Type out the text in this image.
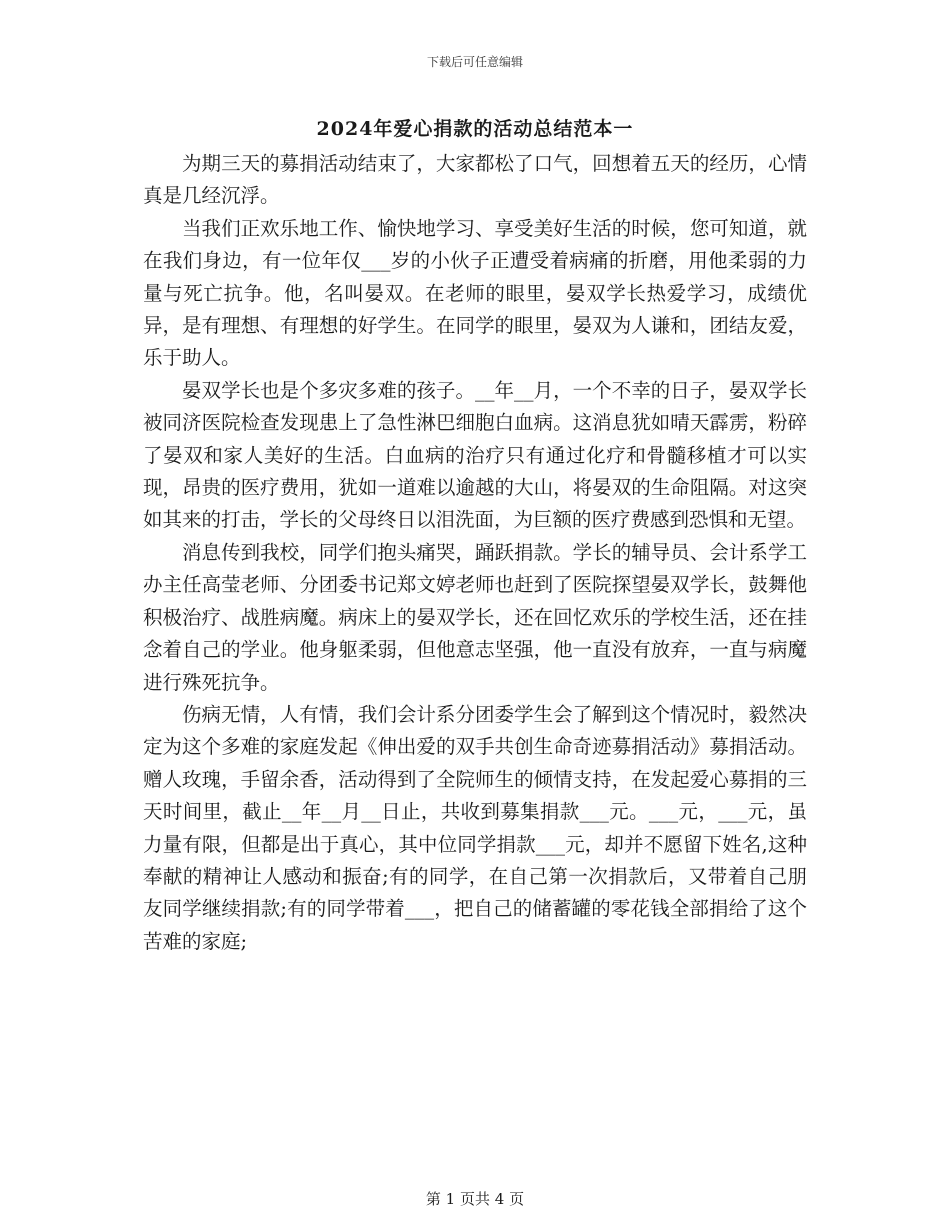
下载后可任意编辑
2024年爱心捐款的活动总结范本一

为期三天的募捐活动结束了，大家都松了口气，回想着五天的经历，心情真是几经沉浮。

当我们正欢乐地工作、愉快地学习、享受美好生活的时候，您可知道，就在我们身边，有一位年仅___岁的小伙子正遭受着病痛的折磨，用他柔弱的力量与死亡抗争。他，名叫晏双。在老师的眼里，晏双学长热爱学习，成绩优异，是有理想、有理想的好学生。在同学的眼里，晏双为人谦和，团结友爱，乐于助人。

晏双学长也是个多灾多难的孩子。__年__月，一个不幸的日子，晏双学长被同济医院检查发现患上了急性淋巴细胞白血病。这消息犹如晴天霹雳，粉碎了晏双和家人美好的生活。白血病的治疗只有通过化疗和骨髓移植才可以实现，昂贵的医疗费用，犹如一道难以逾越的大山，将晏双的生命阻隔。对这突如其来的打击，学长的父母终日以泪洗面，为巨额的医疗费感到恐惧和无望。

消息传到我校，同学们抱头痛哭，踊跃捐款。学长的辅导员、会计系学工办主任高莹老师、分团委书记郑文婷老师也赶到了医院探望晏双学长，鼓舞他积极治疗、战胜病魔。病床上的晏双学长，还在回忆欢乐的学校生活，还在挂念着自己的学业。他身躯柔弱，但他意志坚强，他一直没有放弃，一直与病魔进行殊死抗争。

伤病无情，人有情，我们会计系分团委学生会了解到这个情况时，毅然决定为这个多难的家庭发起《伸出爱的双手共创生命奇迹募捐活动》募捐活动。赠人玫瑰，手留余香，活动得到了全院师生的倾情支持，在发起爱心募捐的三天时间里，截止__年__月__日止，共收到募集捐款___元。___元，___元，虽力量有限，但都是出于真心，其中位同学捐款___元，却并不愿留下姓名,这种奉献的精神让人感动和振奋;有的同学，在自己第一次捐款后，又带着自己朋友同学继续捐款;有的同学带着___，把自己的储蓄罐的零花钱全部捐给了这个苦难的家庭;

第 1 页共 4 页
